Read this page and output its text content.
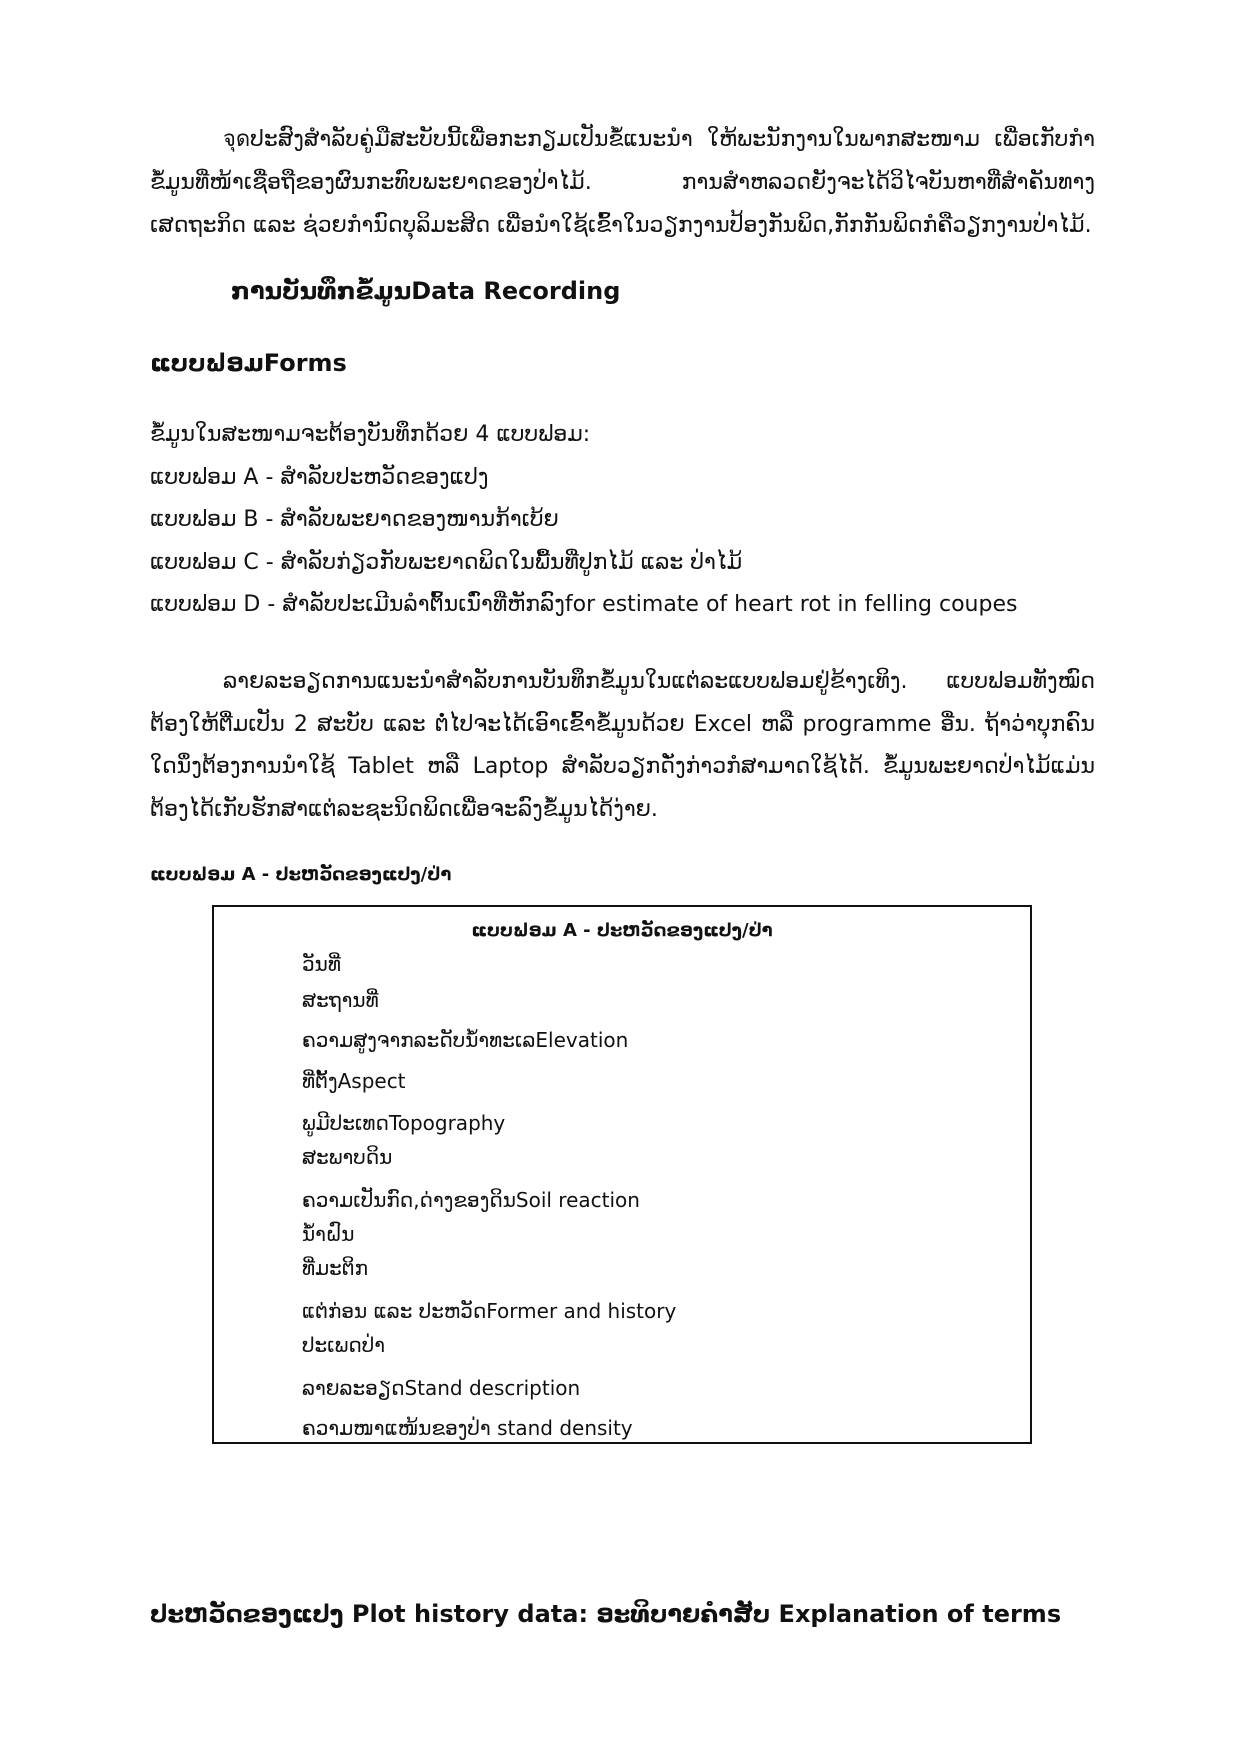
จุดປະສົງສຳລັບຄູ່ມືສະບັບນີ້ເພື່ອກະກຽມເປັນຂໍ້ແນະນຳ ໃຫ້ພະນັກງານໃນພາກສະໜາມ ເພື່ອເກັບກຳຂໍ້ມູນທີ່ໜ້າເຊື່ອຖືຂອງຜົນກະທົບພະຍາດຂອງປ່າໄມ້. ການສຳຫລວດຍັງຈະໄດ້ວິໄຈບັນຫາທີ່ສຳຄັນທາງເສດຖະກິດ ແລະ ຊ່ວຍກຳນົດບຸລິມະສິດ ເພື່ອນຳໃຊ້ເຂົ້າໃນວຽກງານປ້ອງກັນພິດ,ກັກກັນພິດກໍຄືວຽກງານປ່າໄມ້.

ການບັນທຶກຂໍ້ມູນData Recording
ແບບຟອມForms
ຂໍ້ມູນໃນສະໜາມຈະຕ້ອງບັນທຶກດ້ວຍ 4 ແບບຟອມ:
ແບບຟອມ A - ສຳລັບປະຫວັດຂອງແປງ
ແບບຟອມ B - ສຳລັບພະຍາດຂອງໜານກ້າເບ້ຍ
ແບບຟອມ C - ສຳລັບກ່ຽວກັບພະຍາດພິດໃນພື້ນທີ່ປູກໄມ້ ແລະ ປ່າໄມ້
ແບບຟອມ D - ສຳລັບປະເມີນລຳຕົ້ນເນົ່າທີ່ຫັກລົງfor estimate of heart rot in felling coupes

ລາຍລະອຽດການແນະນຳສຳລັບການບັນທຶກຂໍ້ມູນໃນແຕ່ລະແບບຟອມຢູ່ຂ້າງເທິງ. ແບບຟອມທັງໝົດຕ້ອງໃຫ້ຕື່ມເປັນ 2 ສະບັບ ແລະ ຕໍ່ໄປຈະໄດ້ເອົາເຂົ້າຂໍ້ມູນດ້ວຍ Excel ຫລື programme ອື່ນ. ຖ້າວ່າບຸກຄົນໃດນຶ່ງຕ້ອງການນຳໃຊ້ Tablet ຫລື Laptop ສຳລັບວຽກດັ່ງກ່າວກໍສາມາດໃຊ້ໄດ້. ຂໍ້ມູນພະຍາດປ່າໄມ້ແມ່ນຕ້ອງໄດ້ເກັບຮັກສາແຕ່ລະຊະນິດພິດເພື່ອຈະລົງຂໍ້ມູນໄດ້ງ່າຍ.

ແບບຟອມ A - ປະຫວັດຂອງແປງ/ປ່າ

ແບບຟອມ A - ປະຫວັດຂອງແປງ/ປ່າ
ວັນທີ່
ສະຖານທີ່
ຄວາມສູງຈາກລະດັບນ້ຳທະເລElevation
ທີ່ຕັ້ງAspect
ພູມີປະເທດTopography
ສະພາບດິນ
ຄວາມເປັນກົດ,ດ່າງຂອງດິນSoil reaction
ນ້ຳຝົນ
ທີ່ມະຕິກ
ແຕ່ກ່ອນ ແລະ ປະຫວັດFormer and history
ປະເພດປ່າ
ລາຍລະອຽດStand description
ຄວາມໜາແໜ້ນຂອງປ່າ stand density
ປະຫວັດຂອງແປງ Plot history data: ອະທິບາຍຄຳສັບ Explanation of terms
